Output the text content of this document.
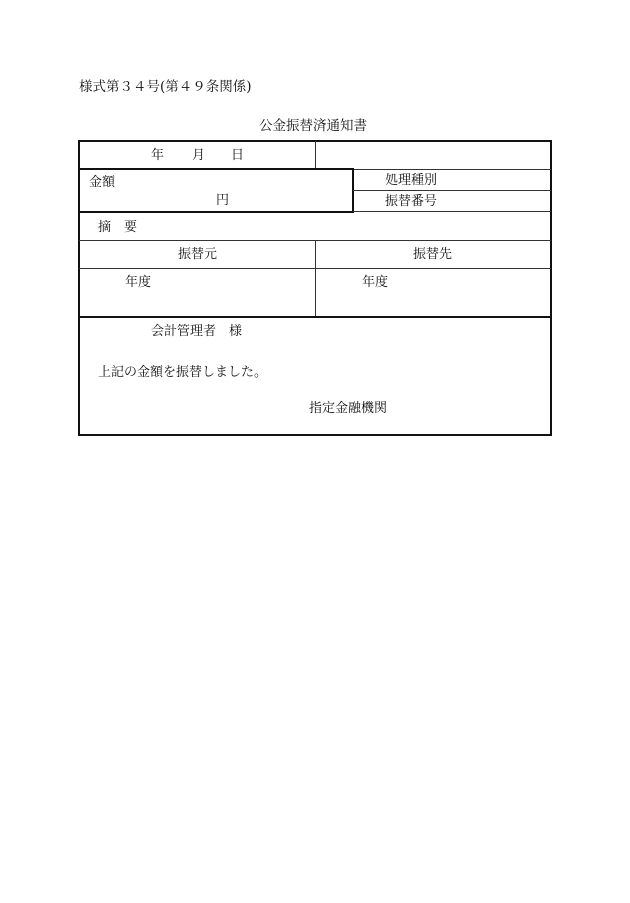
様式第３４号(第４９条関係)
公金振替済通知書
年 月 日
金額
円
処理種別
振替番号
摘 要
振替元	振替先
年度	年度
会計管理者　様
上記の金額を振替しました。
指定金融機関
